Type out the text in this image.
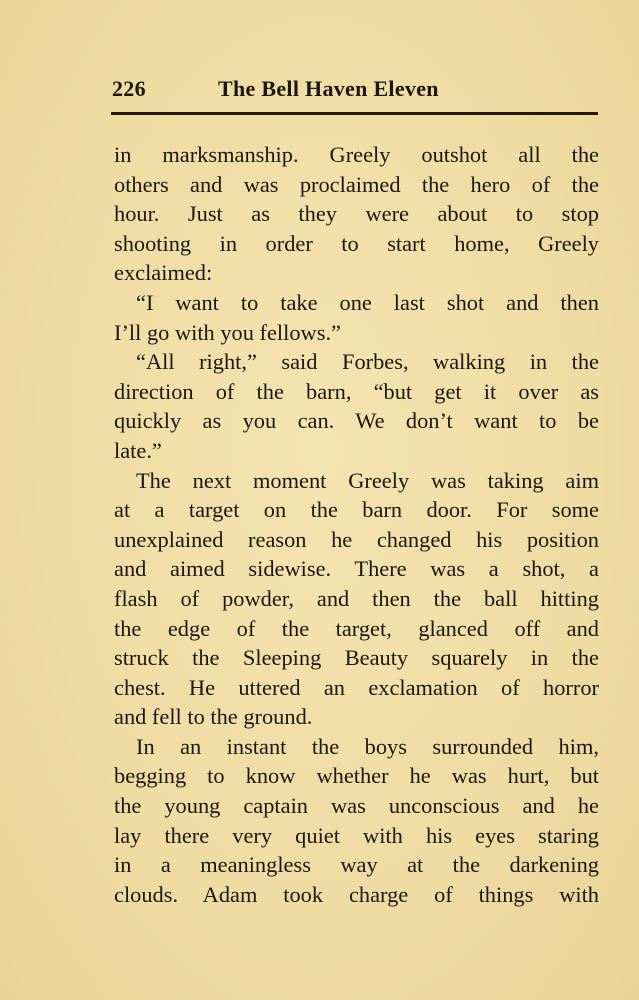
226	The Bell Haven Eleven
in marksmanship. Greely outshot all the
others and was proclaimed the hero of the
hour. Just as they were about to stop
shooting in order to start home, Greely
exclaimed:
“I want to take one last shot and then
I’ll go with you fellows.”
“All right,” said Forbes, walking in the
direction of the barn, “but get it over as
quickly as you can. We don’t want to be
late.”
The next moment Greely was taking aim
at a target on the barn door. For some
unexplained reason he changed his position
and aimed sidewise. There was a shot, a
flash of powder, and then the ball hitting
the edge of the target, glanced off and
struck the Sleeping Beauty squarely in the
chest. He uttered an exclamation of horror
and fell to the ground.
In an instant the boys surrounded him,
begging to know whether he was hurt, but
the young captain was unconscious and he
lay there very quiet with his eyes staring
in a meaningless way at the darkening
clouds. Adam took charge of things with
